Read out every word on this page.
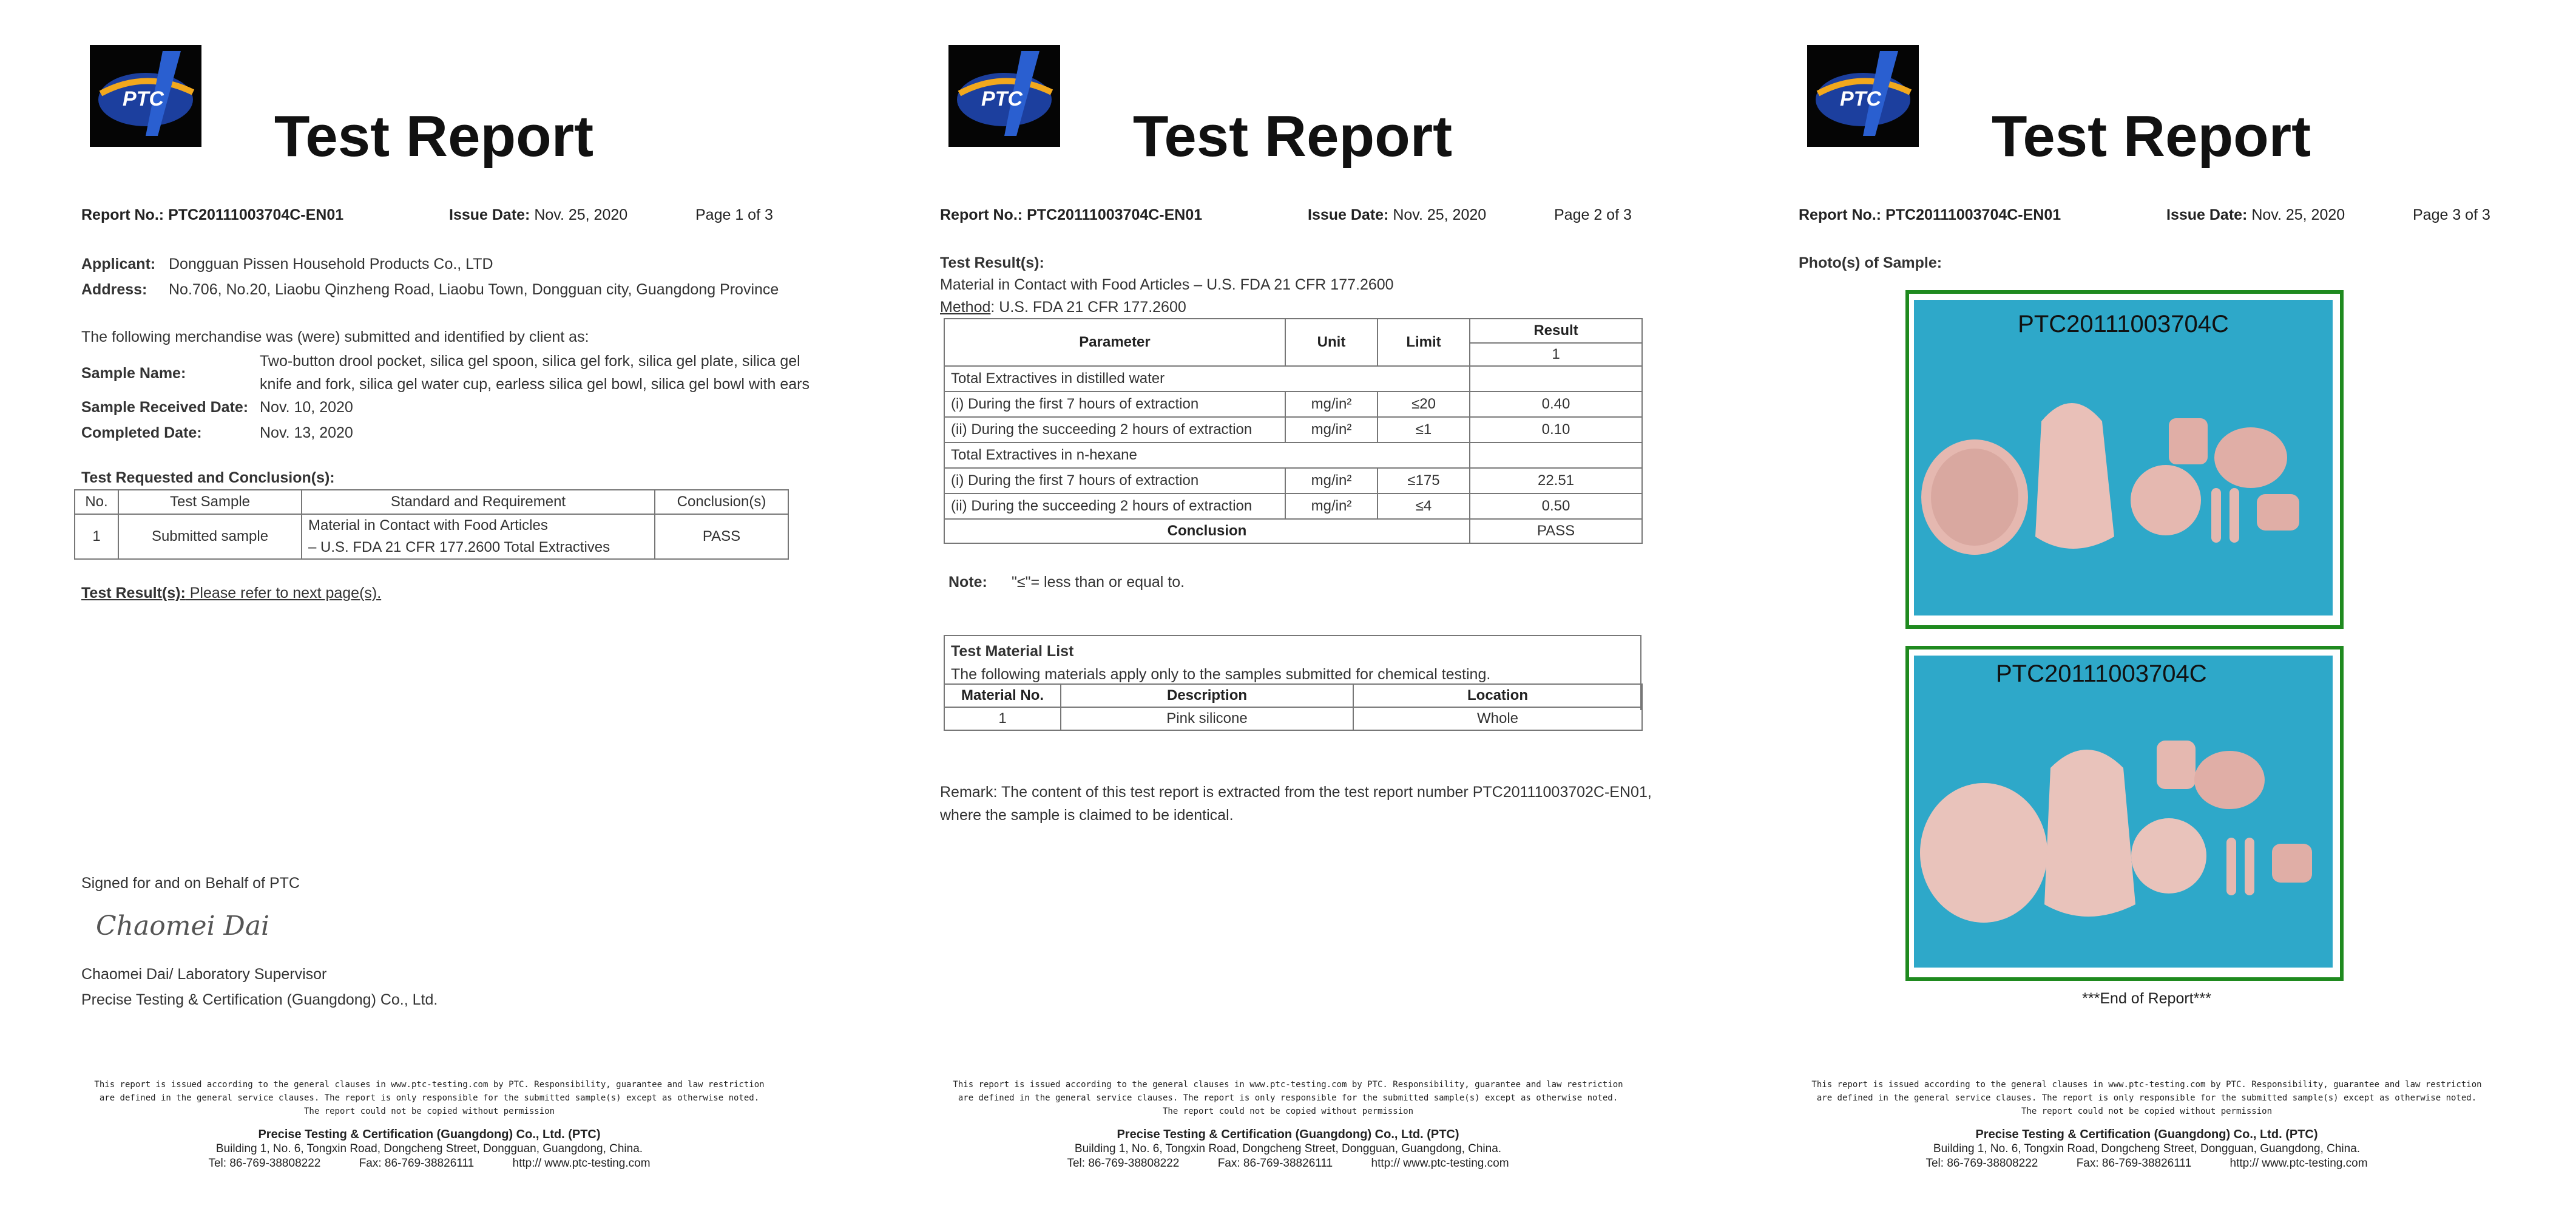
PTC
Test Report
Report No.: PTC20111003704C-EN01	Issue Date: Nov. 25, 2020	Page 1 of 3
Applicant: Dongguan Pissen Household Products Co., LTD
Address: No.706, No.20, Liaobu Qinzheng Road, Liaobu Town, Dongguan city, Guangdong Province
The following merchandise was (were) submitted and identified by client as:
Sample Name:
Two-button drool pocket, silica gel spoon, silica gel fork, silica gel plate, silica gel
knife and fork, silica gel water cup, earless silica gel bowl, silica gel bowl with ears
Sample Received Date: Nov. 10, 2020
Completed Date:	Nov. 13, 2020
Test Requested and Conclusion(s):
No.	Test Sample	Standard and Requirement	Conclusion(s)
1	Submitted sample	Material in Contact with Food Articles
– U.S. FDA 21 CFR 177.2600 Total Extractives	PASS
Test Result(s): Please refer to next page(s).
Signed for and on Behalf of PTC
Chaomei Dai
Chaomei Dai/ Laboratory Supervisor
Precise Testing & Certification (Guangdong) Co., Ltd.
This report is issued according to the general clauses in www.ptc-testing.com by PTC. Responsibility, guarantee and law restriction
are defined in the general service clauses. The report is only responsible for the submitted sample(s) except as otherwise noted.
The report could not be copied without permission
Precise Testing & Certification (Guangdong) Co., Ltd. (PTC)
Building 1, No. 6, Tongxin Road, Dongcheng Street, Dongguan, Guangdong, China.
Tel: 86-769-38808222	Fax: 86-769-38826111	http:// www.ptc-testing.com
PTC
Test Report
Report No.: PTC20111003704C-EN01	Issue Date: Nov. 25, 2020	Page 2 of 3
Test Result(s):
Material in Contact with Food Articles – U.S. FDA 21 CFR 177.2600
Method: U.S. FDA 21 CFR 177.2600
Parameter	Unit	Limit	Result
			1
Total Extractives in distilled water			
(i) During the first 7 hours of extraction	mg/in²	≤20	0.40
(ii) During the succeeding 2 hours of extraction	mg/in²	≤1	0.10
Total Extractives in n-hexane			
(i) During the first 7 hours of extraction	mg/in²	≤175	22.51
(ii) During the succeeding 2 hours of extraction	mg/in²	≤4	0.50
Conclusion			PASS
Note: "≤"= less than or equal to.
Test Material List
The following materials apply only to the samples submitted for chemical testing.
Material No.	Description	Location
1	Pink silicone	Whole
Remark: The content of this test report is extracted from the test report number PTC20111003702C-EN01,
where the sample is claimed to be identical.
This report is issued according to the general clauses in www.ptc-testing.com by PTC. Responsibility, guarantee and law restriction
are defined in the general service clauses. The report is only responsible for the submitted sample(s) except as otherwise noted.
The report could not be copied without permission
Precise Testing & Certification (Guangdong) Co., Ltd. (PTC)
Building 1, No. 6, Tongxin Road, Dongcheng Street, Dongguan, Guangdong, China.
Tel: 86-769-38808222	Fax: 86-769-38826111	http:// www.ptc-testing.com
PTC
Test Report
Report No.: PTC20111003704C-EN01	Issue Date: Nov. 25, 2020	Page 3 of 3
Photo(s) of Sample:
PTC20111003704C
PTC20111003704C
***End of Report***
This report is issued according to the general clauses in www.ptc-testing.com by PTC. Responsibility, guarantee and law restriction
are defined in the general service clauses. The report is only responsible for the submitted sample(s) except as otherwise noted.
The report could not be copied without permission
Precise Testing & Certification (Guangdong) Co., Ltd. (PTC)
Building 1, No. 6, Tongxin Road, Dongcheng Street, Dongguan, Guangdong, China.
Tel: 86-769-38808222	Fax: 86-769-38826111	http:// www.ptc-testing.com
